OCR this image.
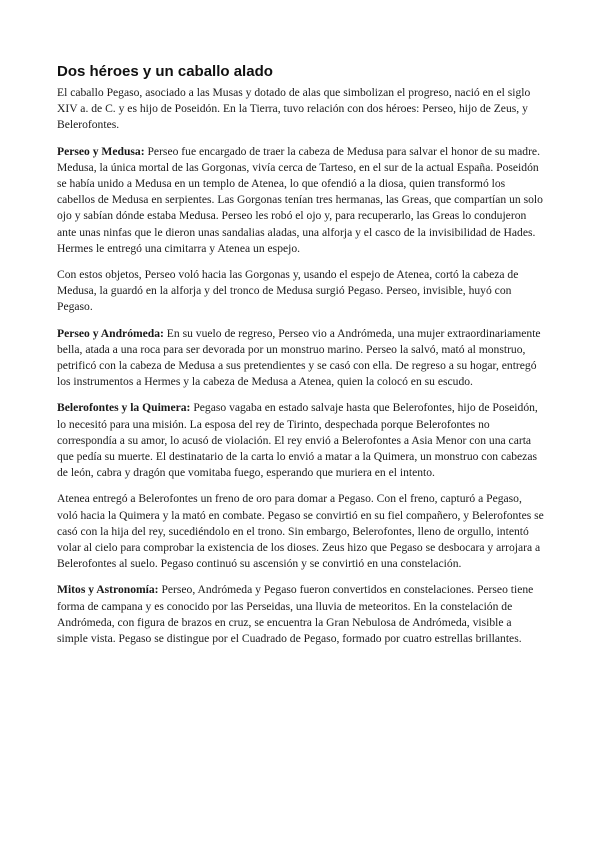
Dos héroes y un caballo alado

El caballo Pegaso, asociado a las Musas y dotado de alas que simbolizan el progreso, nació en el siglo XIV a. de C. y es hijo de Poseidón. En la Tierra, tuvo relación con dos héroes: Perseo, hijo de Zeus, y Belerofontes.

Perseo y Medusa: Perseo fue encargado de traer la cabeza de Medusa para salvar el honor de su madre. Medusa, la única mortal de las Gorgonas, vivía cerca de Tarteso, en el sur de la actual España. Poseidón se había unido a Medusa en un templo de Atenea, lo que ofendió a la diosa, quien transformó los cabellos de Medusa en serpientes. Las Gorgonas tenían tres hermanas, las Greas, que compartían un solo ojo y sabían dónde estaba Medusa. Perseo les robó el ojo y, para recuperarlo, las Greas lo condujeron ante unas ninfas que le dieron unas sandalias aladas, una alforja y el casco de la invisibilidad de Hades. Hermes le entregó una cimitarra y Atenea un espejo.

Con estos objetos, Perseo voló hacia las Gorgonas y, usando el espejo de Atenea, cortó la cabeza de Medusa, la guardó en la alforja y del tronco de Medusa surgió Pegaso. Perseo, invisible, huyó con Pegaso.

Perseo y Andrómeda: En su vuelo de regreso, Perseo vio a Andrómeda, una mujer extraordinariamente bella, atada a una roca para ser devorada por un monstruo marino. Perseo la salvó, mató al monstruo, petrificó con la cabeza de Medusa a sus pretendientes y se casó con ella. De regreso a su hogar, entregó los instrumentos a Hermes y la cabeza de Medusa a Atenea, quien la colocó en su escudo.

Belerofontes y la Quimera: Pegaso vagaba en estado salvaje hasta que Belerofontes, hijo de Poseidón, lo necesitó para una misión. La esposa del rey de Tirinto, despechada porque Belerofontes no correspondía a su amor, lo acusó de violación. El rey envió a Belerofontes a Asia Menor con una carta que pedía su muerte. El destinatario de la carta lo envió a matar a la Quimera, un monstruo con cabezas de león, cabra y dragón que vomitaba fuego, esperando que muriera en el intento.

Atenea entregó a Belerofontes un freno de oro para domar a Pegaso. Con el freno, capturó a Pegaso, voló hacia la Quimera y la mató en combate. Pegaso se convirtió en su fiel compañero, y Belerofontes se casó con la hija del rey, sucediéndolo en el trono. Sin embargo, Belerofontes, lleno de orgullo, intentó volar al cielo para comprobar la existencia de los dioses. Zeus hizo que Pegaso se desbocara y arrojara a Belerofontes al suelo. Pegaso continuó su ascensión y se convirtió en una constelación.

Mitos y Astronomía: Perseo, Andrómeda y Pegaso fueron convertidos en constelaciones. Perseo tiene forma de campana y es conocido por las Perseidas, una lluvia de meteoritos. En la constelación de Andrómeda, con figura de brazos en cruz, se encuentra la Gran Nebulosa de Andrómeda, visible a simple vista. Pegaso se distingue por el Cuadrado de Pegaso, formado por cuatro estrellas brillantes.
